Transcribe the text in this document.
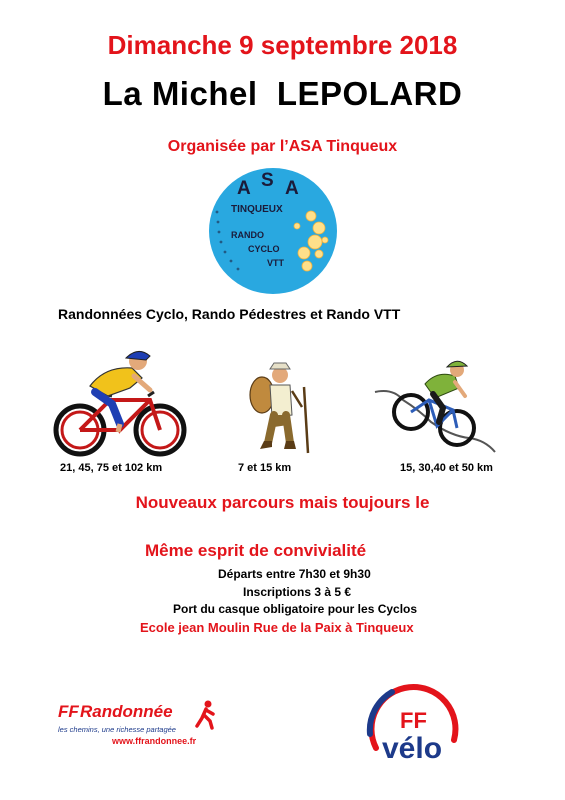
Dimanche 9 septembre 2018
La Michel  LEPOLARD
Organisée par l’ASA Tinqueux
A S A
TINQUEUX
RANDO
CYCLO
VTT
Randonnées Cyclo, Rando Pédestres et Rando VTT
21, 45, 75 et 102 km	7 et 15 km	15, 30,40 et 50 km
Nouveaux parcours mais toujours le
Même esprit de convivialité
Départs entre 7h30 et 9h30
Inscriptions 3 à 5 €
Port du casque obligatoire pour les Cyclos
Ecole jean Moulin Rue de la Paix à Tinqueux
FF Randonnée
les chemins, une richesse partagée
www.ffrandonnee.fr
FF
vélo
